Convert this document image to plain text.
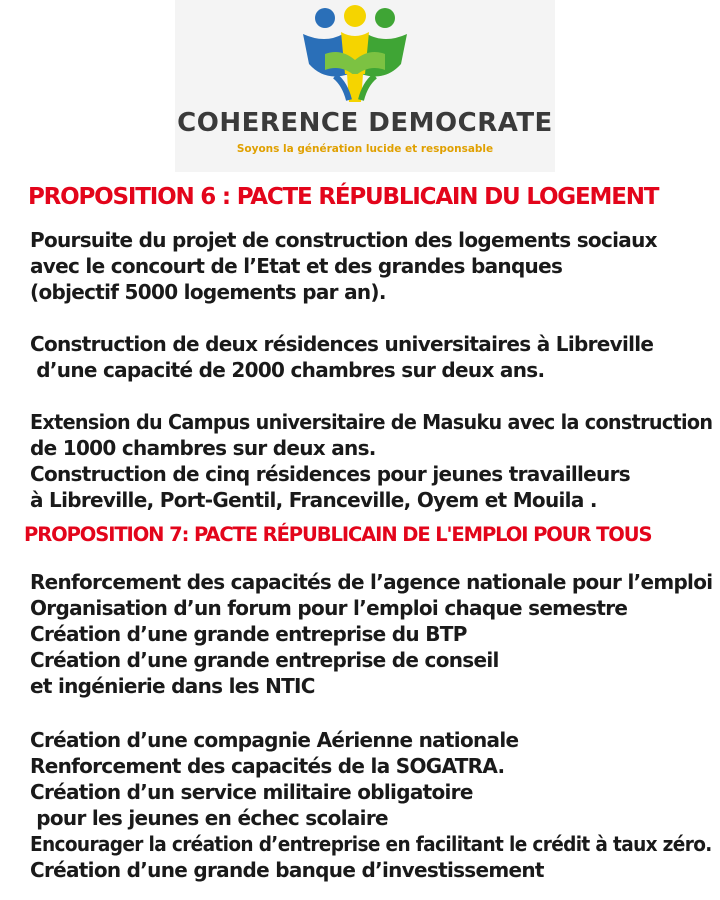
COHERENCE DEMOCRATE
Soyons la génération lucide et responsable
PROPOSITION 6 : PACTE RÉPUBLICAIN DU LOGEMENT

Poursuite du projet de construction des logements sociaux

avec le concourt de l’Etat et des grandes banques

(objectif 5000 logements par an).

Construction de deux résidences universitaires à Libreville

d’une capacité de 2000 chambres sur deux ans.

Extension du Campus universitaire de Masuku avec la construction

de 1000 chambres sur deux ans.

Construction de cinq résidences pour jeunes travailleurs

à Libreville, Port-Gentil, Franceville, Oyem et Mouila .

PROPOSITION 7: PACTE RÉPUBLICAIN DE L'EMPLOI POUR TOUS

Renforcement des capacités de l’agence nationale pour l’emploi

Organisation d’un forum pour l’emploi chaque semestre

Création d’une grande entreprise du BTP

Création d’une grande entreprise de conseil

et ingénierie dans les NTIC

Création d’une compagnie Aérienne nationale

Renforcement des capacités de la SOGATRA.

Création d’un service militaire obligatoire

pour les jeunes en échec scolaire

Encourager la création d’entreprise en facilitant le crédit à taux zéro.

Création d’une grande banque d’investissement
